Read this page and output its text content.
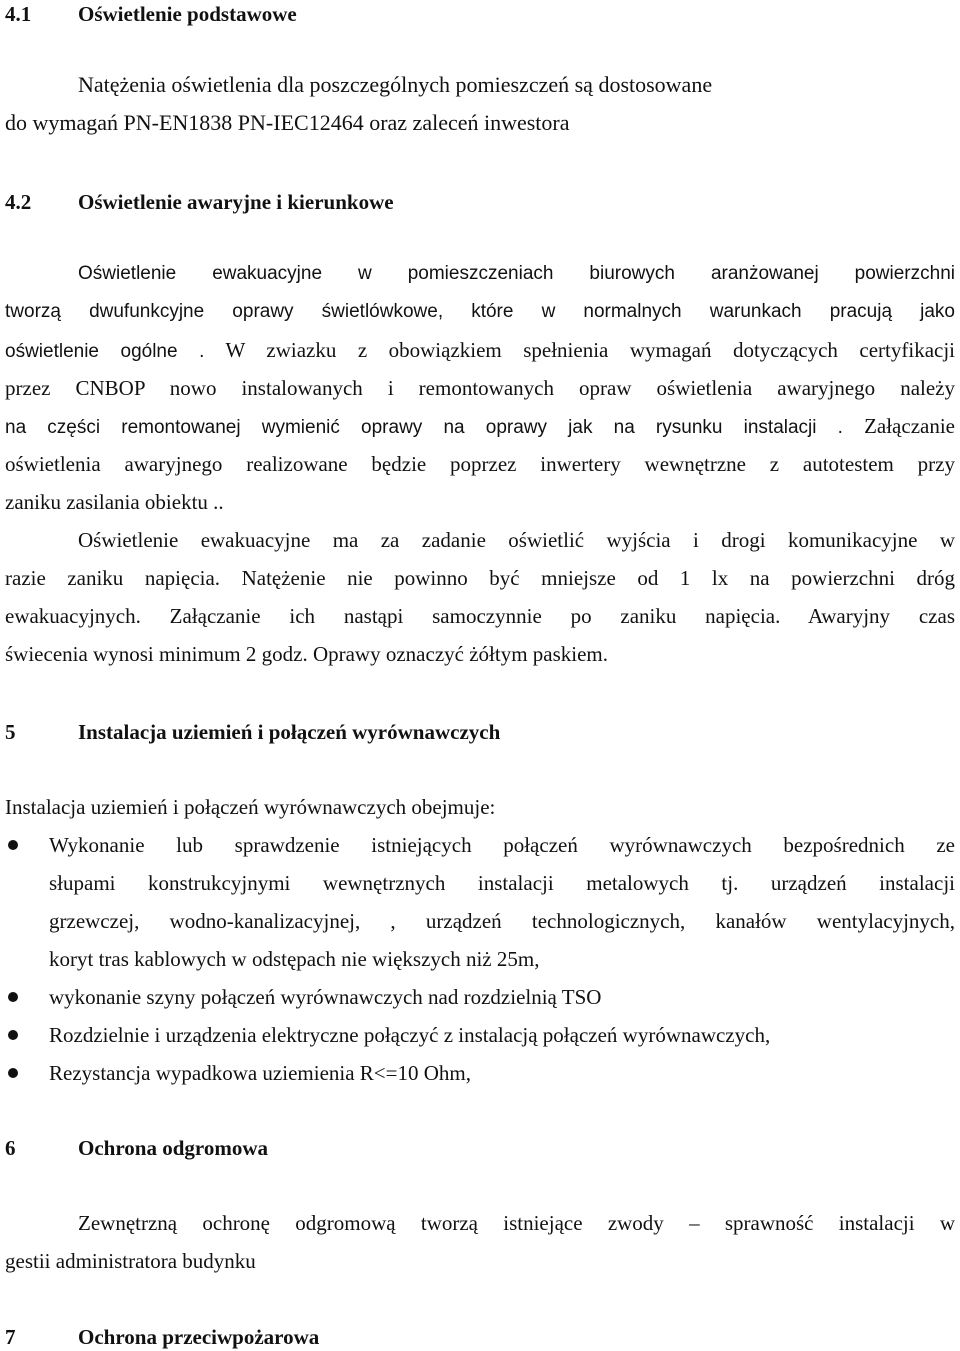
4.1 Oświetlenie podstawowe
Natężenia oświetlenia dla poszczególnych pomieszczeń są dostosowane
do wymagań PN-EN1838 PN-IEC12464 oraz zaleceń inwestora
4.2 Oświetlenie awaryjne i kierunkowe
Oświetlenie ewakuacyjne w pomieszczeniach biurowych aranżowanej powierzchni
tworzą dwufunkcyjne oprawy świetlówkowe, które w normalnych warunkach pracują jako
oświetlenie ogólne . W zwiazku z obowiązkiem spełnienia wymagań dotyczących certyfikacji
przez CNBOP nowo instalowanych i remontowanych opraw oświetlenia awaryjnego należy
na części remontowanej wymienić oprawy na oprawy jak na rysunku instalacji . Załączanie
oświetlenia awaryjnego realizowane będzie poprzez inwertery wewnętrzne z autotestem przy
zaniku zasilania obiektu ..
Oświetlenie ewakuacyjne ma za zadanie oświetlić wyjścia i drogi komunikacyjne w
razie zaniku napięcia. Natężenie nie powinno być mniejsze od 1 lx na powierzchni dróg
ewakuacyjnych. Załączanie ich nastąpi samoczynnie po zaniku napięcia. Awaryjny czas
świecenia wynosi minimum 2 godz. Oprawy oznaczyć żółtym paskiem.
5	Instalacja uziemień i połączeń wyrównawczych
Instalacja uziemień i połączeń wyrównawczych obejmuje:
Wykonanie lub sprawdzenie istniejących połączeń wyrównawczych bezpośrednich ze
słupami konstrukcyjnymi wewnętrznych instalacji metalowych tj. urządzeń instalacji
grzewczej, wodno-kanalizacyjnej, , urządzeń technologicznych, kanałów wentylacyjnych,
koryt tras kablowych w odstępach nie większych niż 25m,
wykonanie szyny połączeń wyrównawczych nad rozdzielnią TSO
Rozdzielnie i urządzenia elektryczne połączyć z instalacją połączeń wyrównawczych,
Rezystancja wypadkowa uziemienia R<=10 Ohm,
6	Ochrona odgromowa
Zewnętrzną ochronę odgromową tworzą istniejące zwody – sprawność instalacji w
gestii administratora budynku
7	Ochrona przeciwpożarowa
